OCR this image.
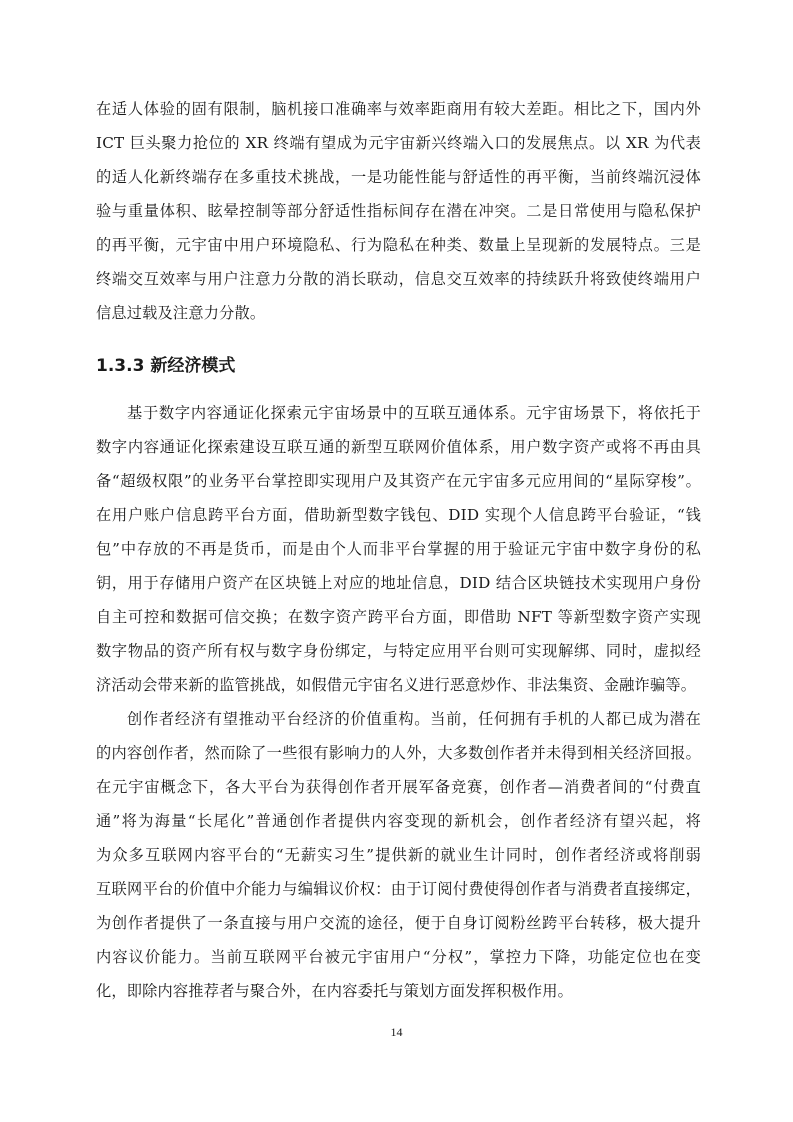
在适人体验的固有限制，脑机接口准确率与效率距商用有较大差距。相比之下，国内外
ICT 巨头聚力抢位的 XR 终端有望成为元宇宙新兴终端入口的发展焦点。以 XR 为代表
的适人化新终端存在多重技术挑战，一是功能性能与舒适性的再平衡，当前终端沉浸体
验与重量体积、眩晕控制等部分舒适性指标间存在潜在冲突。二是日常使用与隐私保护
的再平衡，元宇宙中用户环境隐私、行为隐私在种类、数量上呈现新的发展特点。三是
终端交互效率与用户注意力分散的消长联动，信息交互效率的持续跃升将致使终端用户
信息过载及注意力分散。
1.3.3 新经济模式
基于数字内容通证化探索元宇宙场景中的互联互通体系。元宇宙场景下，将依托于
数字内容通证化探索建设互联互通的新型互联网价值体系，用户数字资产或将不再由具
备“超级权限”的业务平台掌控即实现用户及其资产在元宇宙多元应用间的“星际穿梭”。
在用户账户信息跨平台方面，借助新型数字钱包、DID 实现个人信息跨平台验证，“钱
包”中存放的不再是货币，而是由个人而非平台掌握的用于验证元宇宙中数字身份的私
钥，用于存储用户资产在区块链上对应的地址信息，DID 结合区块链技术实现用户身份
自主可控和数据可信交换；在数字资产跨平台方面，即借助 NFT 等新型数字资产实现
数字物品的资产所有权与数字身份绑定，与特定应用平台则可实现解绑、同时，虚拟经
济活动会带来新的监管挑战，如假借元宇宙名义进行恶意炒作、非法集资、金融诈骗等。
创作者经济有望推动平台经济的价值重构。当前，任何拥有手机的人都已成为潜在
的内容创作者，然而除了一些很有影响力的人外，大多数创作者并未得到相关经济回报。
在元宇宙概念下，各大平台为获得创作者开展军备竞赛，创作者—消费者间的“付费直
通”将为海量“长尾化”普通创作者提供内容变现的新机会，创作者经济有望兴起，将
为众多互联网内容平台的“无薪实习生”提供新的就业生计同时，创作者经济或将削弱
互联网平台的价值中介能力与编辑议价权：由于订阅付费使得创作者与消费者直接绑定，
为创作者提供了一条直接与用户交流的途径，便于自身订阅粉丝跨平台转移，极大提升
内容议价能力。当前互联网平台被元宇宙用户“分权”，掌控力下降，功能定位也在变
化，即除内容推荐者与聚合外，在内容委托与策划方面发挥积极作用。
14
